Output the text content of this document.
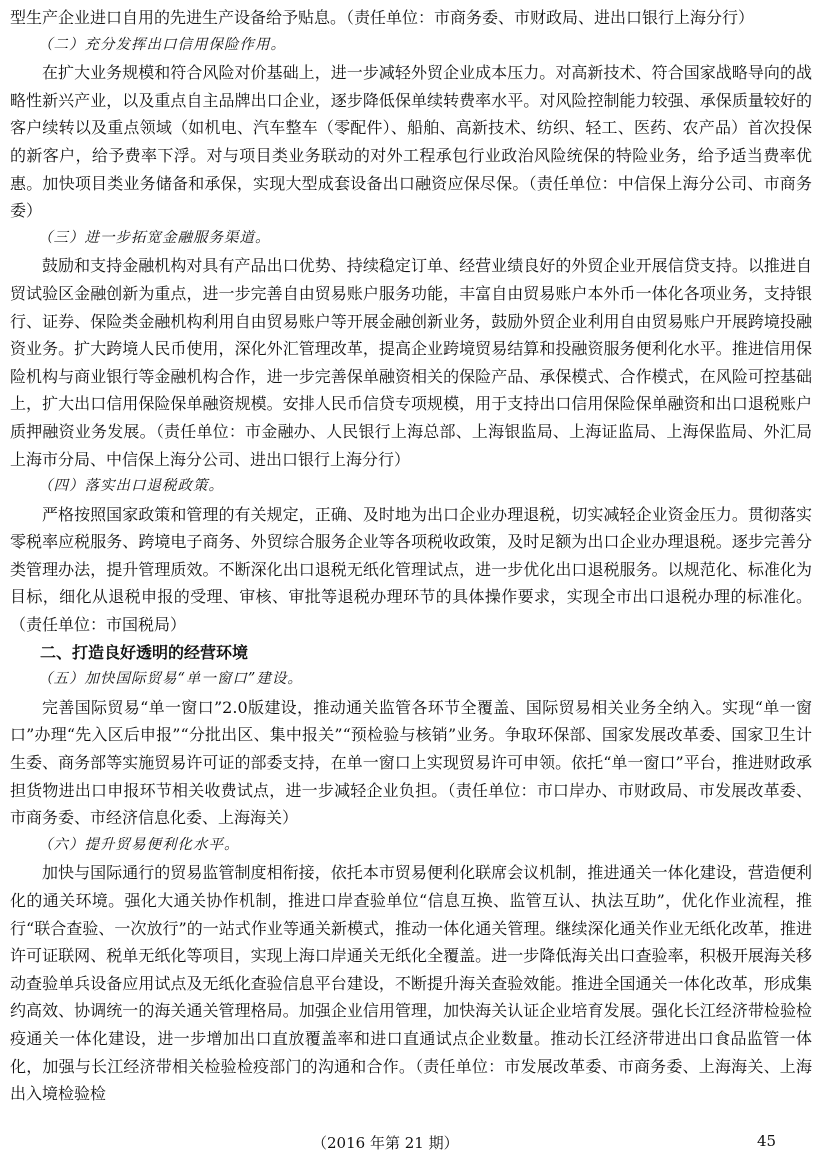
型生产企业进口自用的先进生产设备给予贴息。（责任单位：市商务委、市财政局、进出口银行上海分行）

（二）充分发挥出口信用保险作用。

在扩大业务规模和符合风险对价基础上，进一步减轻外贸企业成本压力。对高新技术、符合国家战略导向的战略性新兴产业，以及重点自主品牌出口企业，逐步降低保单续转费率水平。对风险控制能力较强、承保质量较好的客户续转以及重点领域（如机电、汽车整车（零配件）、船舶、高新技术、纺织、轻工、医药、农产品）首次投保的新客户，给予费率下浮。对与项目类业务联动的对外工程承包行业政治风险统保的特险业务，给予适当费率优惠。加快项目类业务储备和承保，实现大型成套设备出口融资应保尽保。（责任单位：中信保上海分公司、市商务委）

（三）进一步拓宽金融服务渠道。

鼓励和支持金融机构对具有产品出口优势、持续稳定订单、经营业绩良好的外贸企业开展信贷支持。以推进自贸试验区金融创新为重点，进一步完善自由贸易账户服务功能，丰富自由贸易账户本外币一体化各项业务，支持银行、证券、保险类金融机构利用自由贸易账户等开展金融创新业务，鼓励外贸企业利用自由贸易账户开展跨境投融资业务。扩大跨境人民币使用，深化外汇管理改革，提高企业跨境贸易结算和投融资服务便利化水平。推进信用保险机构与商业银行等金融机构合作，进一步完善保单融资相关的保险产品、承保模式、合作模式，在风险可控基础上，扩大出口信用保险保单融资规模。安排人民币信贷专项规模，用于支持出口信用保险保单融资和出口退税账户质押融资业务发展。（责任单位：市金融办、人民银行上海总部、上海银监局、上海证监局、上海保监局、外汇局上海市分局、中信保上海分公司、进出口银行上海分行）

（四）落实出口退税政策。

严格按照国家政策和管理的有关规定，正确、及时地为出口企业办理退税，切实减轻企业资金压力。贯彻落实零税率应税服务、跨境电子商务、外贸综合服务企业等各项税收政策，及时足额为出口企业办理退税。逐步完善分类管理办法，提升管理质效。不断深化出口退税无纸化管理试点，进一步优化出口退税服务。以规范化、标准化为目标，细化从退税申报的受理、审核、审批等退税办理环节的具体操作要求，实现全市出口退税办理的标准化。（责任单位：市国税局）

二、打造良好透明的经营环境

（五）加快国际贸易“单一窗口”建设。

完善国际贸易“单一窗口”2.0版建设，推动通关监管各环节全覆盖、国际贸易相关业务全纳入。实现“单一窗口”办理“先入区后申报”“分批出区、集中报关”“预检验与核销”业务。争取环保部、国家发展改革委、国家卫生计生委、商务部等实施贸易许可证的部委支持，在单一窗口上实现贸易许可申领。依托“单一窗口”平台，推进财政承担货物进出口申报环节相关收费试点，进一步减轻企业负担。（责任单位：市口岸办、市财政局、市发展改革委、市商务委、市经济信息化委、上海海关）

（六）提升贸易便利化水平。

加快与国际通行的贸易监管制度相衔接，依托本市贸易便利化联席会议机制，推进通关一体化建设，营造便利化的通关环境。强化大通关协作机制，推进口岸查验单位“信息互换、监管互认、执法互助”，优化作业流程，推行“联合查验、一次放行”的一站式作业等通关新模式，推动一体化通关管理。继续深化通关作业无纸化改革，推进许可证联网、税单无纸化等项目，实现上海口岸通关无纸化全覆盖。进一步降低海关出口查验率，积极开展海关移动查验单兵设备应用试点及无纸化查验信息平台建设，不断提升海关查验效能。推进全国通关一体化改革，形成集约高效、协调统一的海关通关管理格局。加强企业信用管理，加快海关认证企业培育发展。强化长江经济带检验检疫通关一体化建设，进一步增加出口直放覆盖率和进口直通试点企业数量。推动长江经济带进出口食品监管一体化，加强与长江经济带相关检验检疫部门的沟通和合作。（责任单位：市发展改革委、市商务委、上海海关、上海出入境检验检

（2016 年第 21 期）	45
